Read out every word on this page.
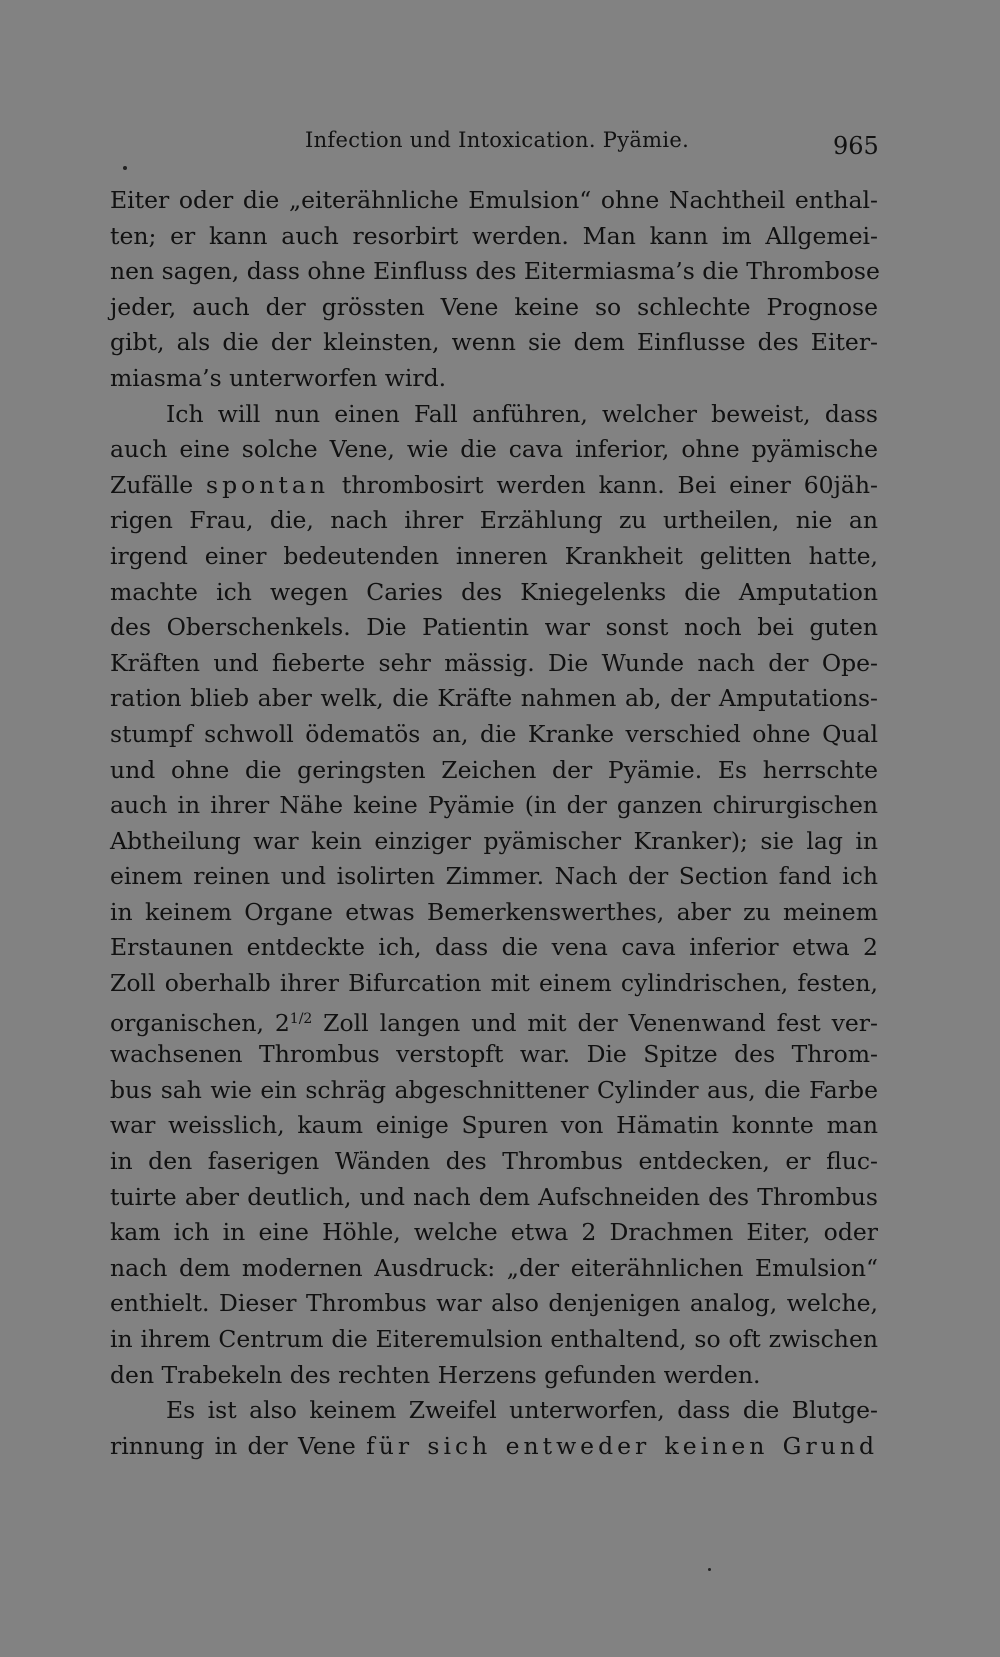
Infection und Intoxication. Pyämie.	965
Eiter oder die „eiterähnliche Emulsion“ ohne Nachtheil enthal-
ten; er kann auch resorbirt werden. Man kann im Allgemei-
nen sagen, dass ohne Einfluss des Eitermiasma’s die Thrombose
jeder, auch der grössten Vene keine so schlechte Prognose
gibt, als die der kleinsten, wenn sie dem Einflusse des Eiter-
miasma’s unterworfen wird.
Ich will nun einen Fall anführen, welcher beweist, dass
auch eine solche Vene, wie die cava inferior, ohne pyämische
Zufälle spontan thrombosirt werden kann. Bei einer 60jäh-
rigen Frau, die, nach ihrer Erzählung zu urtheilen, nie an
irgend einer bedeutenden inneren Krankheit gelitten hatte,
machte ich wegen Caries des Kniegelenks die Amputation
des Oberschenkels. Die Patientin war sonst noch bei guten
Kräften und fieberte sehr mässig. Die Wunde nach der Ope-
ration blieb aber welk, die Kräfte nahmen ab, der Amputations-
stumpf schwoll ödematös an, die Kranke verschied ohne Qual
und ohne die geringsten Zeichen der Pyämie. Es herrschte
auch in ihrer Nähe keine Pyämie (in der ganzen chirurgischen
Abtheilung war kein einziger pyämischer Kranker); sie lag in
einem reinen und isolirten Zimmer. Nach der Section fand ich
in keinem Organe etwas Bemerkenswerthes, aber zu meinem
Erstaunen entdeckte ich, dass die vena cava inferior etwa 2
Zoll oberhalb ihrer Bifurcation mit einem cylindrischen, festen,
organischen, $2^{1/2}$ Zoll langen und mit der Venenwand fest ver-
wachsenen Thrombus verstopft war. Die Spitze des Throm-
bus sah wie ein schräg abgeschnittener Cylinder aus, die Farbe
war weisslich, kaum einige Spuren von Hämatin konnte man
in den faserigen Wänden des Thrombus entdecken, er fluc-
tuirte aber deutlich, und nach dem Aufschneiden des Thrombus
kam ich in eine Höhle, welche etwa 2 Drachmen Eiter, oder
nach dem modernen Ausdruck: „der eiterähnlichen Emulsion“
enthielt. Dieser Thrombus war also denjenigen analog, welche,
in ihrem Centrum die Eiteremulsion enthaltend, so oft zwischen
den Trabekeln des rechten Herzens gefunden werden.
Es ist also keinem Zweifel unterworfen, dass die Blutge-
rinnung in der Vene für sich entweder keinen Grund
